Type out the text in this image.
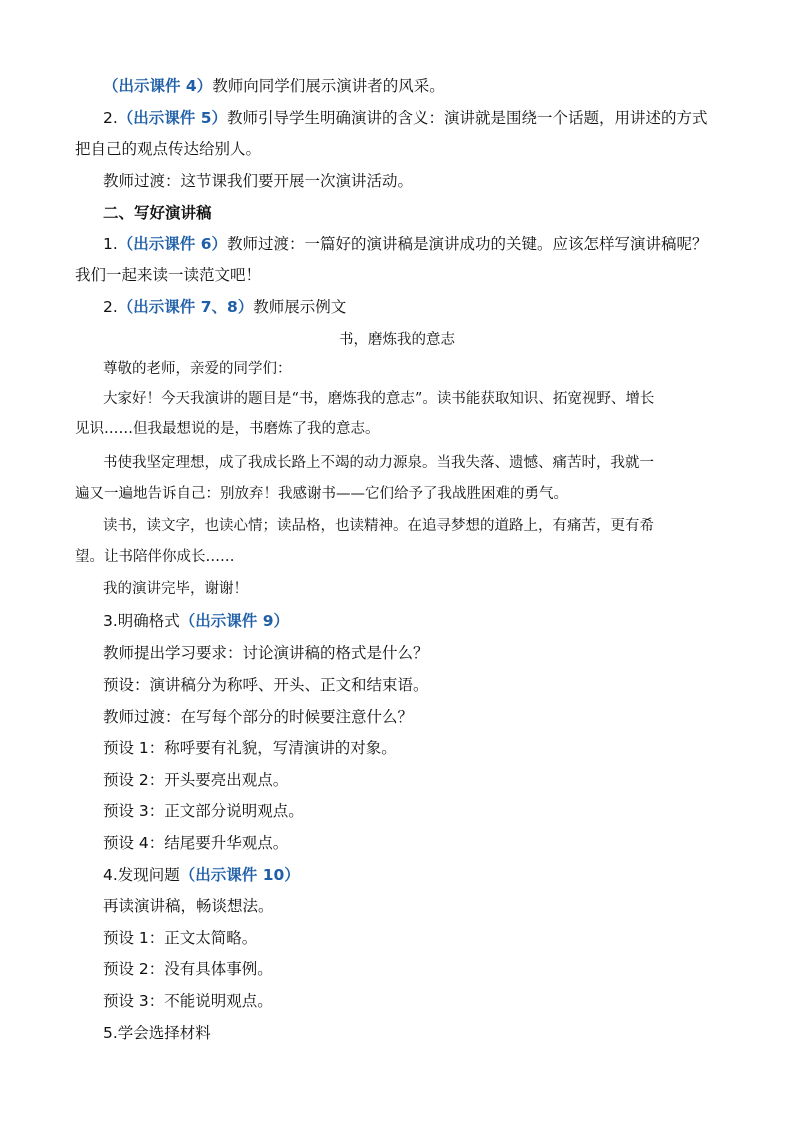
（出示课件 4）教师向同学们展示演讲者的风采。
2.（出示课件 5）教师引导学生明确演讲的含义：演讲就是围绕一个话题，用讲述的方式
把自己的观点传达给别人。
教师过渡：这节课我们要开展一次演讲活动。
二、写好演讲稿
1.（出示课件 6）教师过渡：一篇好的演讲稿是演讲成功的关键。应该怎样写演讲稿呢？
我们一起来读一读范文吧！
2.（出示课件 7、8）教师展示例文
书，磨炼我的意志
尊敬的老师，亲爱的同学们：
大家好！今天我演讲的题目是“书，磨炼我的意志”。读书能获取知识、拓宽视野、增长
见识……但我最想说的是，书磨炼了我的意志。
书使我坚定理想，成了我成长路上不竭的动力源泉。当我失落、遗憾、痛苦时，我就一
遍又一遍地告诉自己：别放弃！我感谢书——它们给予了我战胜困难的勇气。
读书，读文字，也读心情；读品格，也读精神。在追寻梦想的道路上，有痛苦，更有希
望。让书陪伴你成长……
我的演讲完毕，谢谢！
3.明确格式（出示课件 9）
教师提出学习要求：讨论演讲稿的格式是什么？
预设：演讲稿分为称呼、开头、正文和结束语。
教师过渡：在写每个部分的时候要注意什么？
预设 1：称呼要有礼貌，写清演讲的对象。
预设 2：开头要亮出观点。
预设 3：正文部分说明观点。
预设 4：结尾要升华观点。
4.发现问题（出示课件 10）
再读演讲稿，畅谈想法。
预设 1：正文太简略。
预设 2：没有具体事例。
预设 3：不能说明观点。
5.学会选择材料
